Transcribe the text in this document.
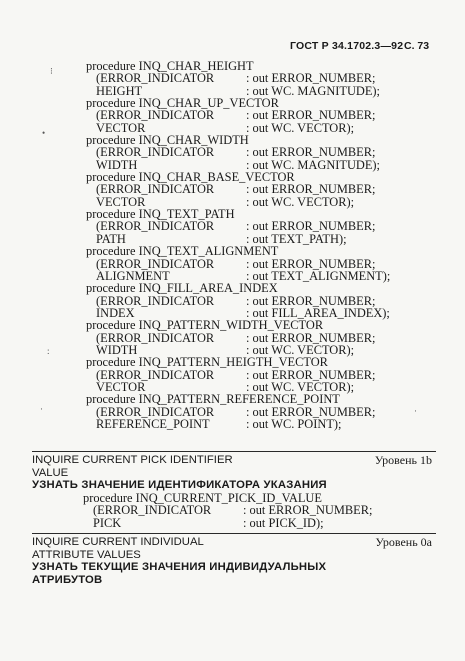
ГОСТ Р 34.1702.3—92 С. 73
procedure INQ_CHAR_HEIGHT
(ERROR_INDICATOR	: out ERROR_NUMBER;
HEIGHT	: out WC. MAGNITUDE);
procedure INQ_CHAR_UP_VECTOR
(ERROR_INDICATOR	: out ERROR_NUMBER;
VECTOR	: out WC. VECTOR);
procedure INQ_CHAR_WIDTH
(ERROR_INDICATOR	: out ERROR_NUMBER;
WIDTH	: out WC. MAGNITUDE);
procedure INQ_CHAR_BASE_VECTOR
(ERROR_INDICATOR	: out ERROR_NUMBER;
VECTOR	: out WC. VECTOR);
procedure INQ_TEXT_PATH
(ERROR_INDICATOR	: out ERROR_NUMBER;
PATH	: out TEXT_PATH);
procedure INQ_TEXT_ALIGNMENT
(ERROR_INDICATOR	: out ERROR_NUMBER;
ALIGNMENT	: out TEXT_ALIGNMENT);
procedure INQ_FILL_AREA_INDEX
(ERROR_INDICATOR	: out ERROR_NUMBER;
INDEX	: out FILL_AREA_INDEX);
procedure INQ_PATTERN_WIDTH_VECTOR
(ERROR_INDICATOR	: out ERROR_NUMBER;
WIDTH	: out WC. VECTOR);
procedure INQ_PATTERN_HEIGTH_VECTOR
(ERROR_INDICATOR	: out ERROR_NUMBER;
VECTOR	: out WC. VECTOR);
procedure INQ_PATTERN_REFERENCE_POINT
(ERROR_INDICATOR	: out ERROR_NUMBER;
REFERENCE_POINT	: out WC. POINT);
INQUIRE CURRENT PICK IDENTIFIER	Уровень 1b
VALUE
УЗНАТЬ ЗНАЧЕНИЕ ИДЕНТИФИКАТОРА УКАЗАНИЯ
procedure INQ_CURRENT_PICK_ID_VALUE
(ERROR_INDICATOR	: out ERROR_NUMBER;
PICK	: out PICK_ID);
INQUIRE CURRENT INDIVIDUAL	Уровень 0a
ATTRIBUTE VALUES
УЗНАТЬ ТЕКУЩИЕ ЗНАЧЕНИЯ ИНДИВИДУАЛЬНЫХ
АТРИБУТОВ
⁝
•
:
·	·
